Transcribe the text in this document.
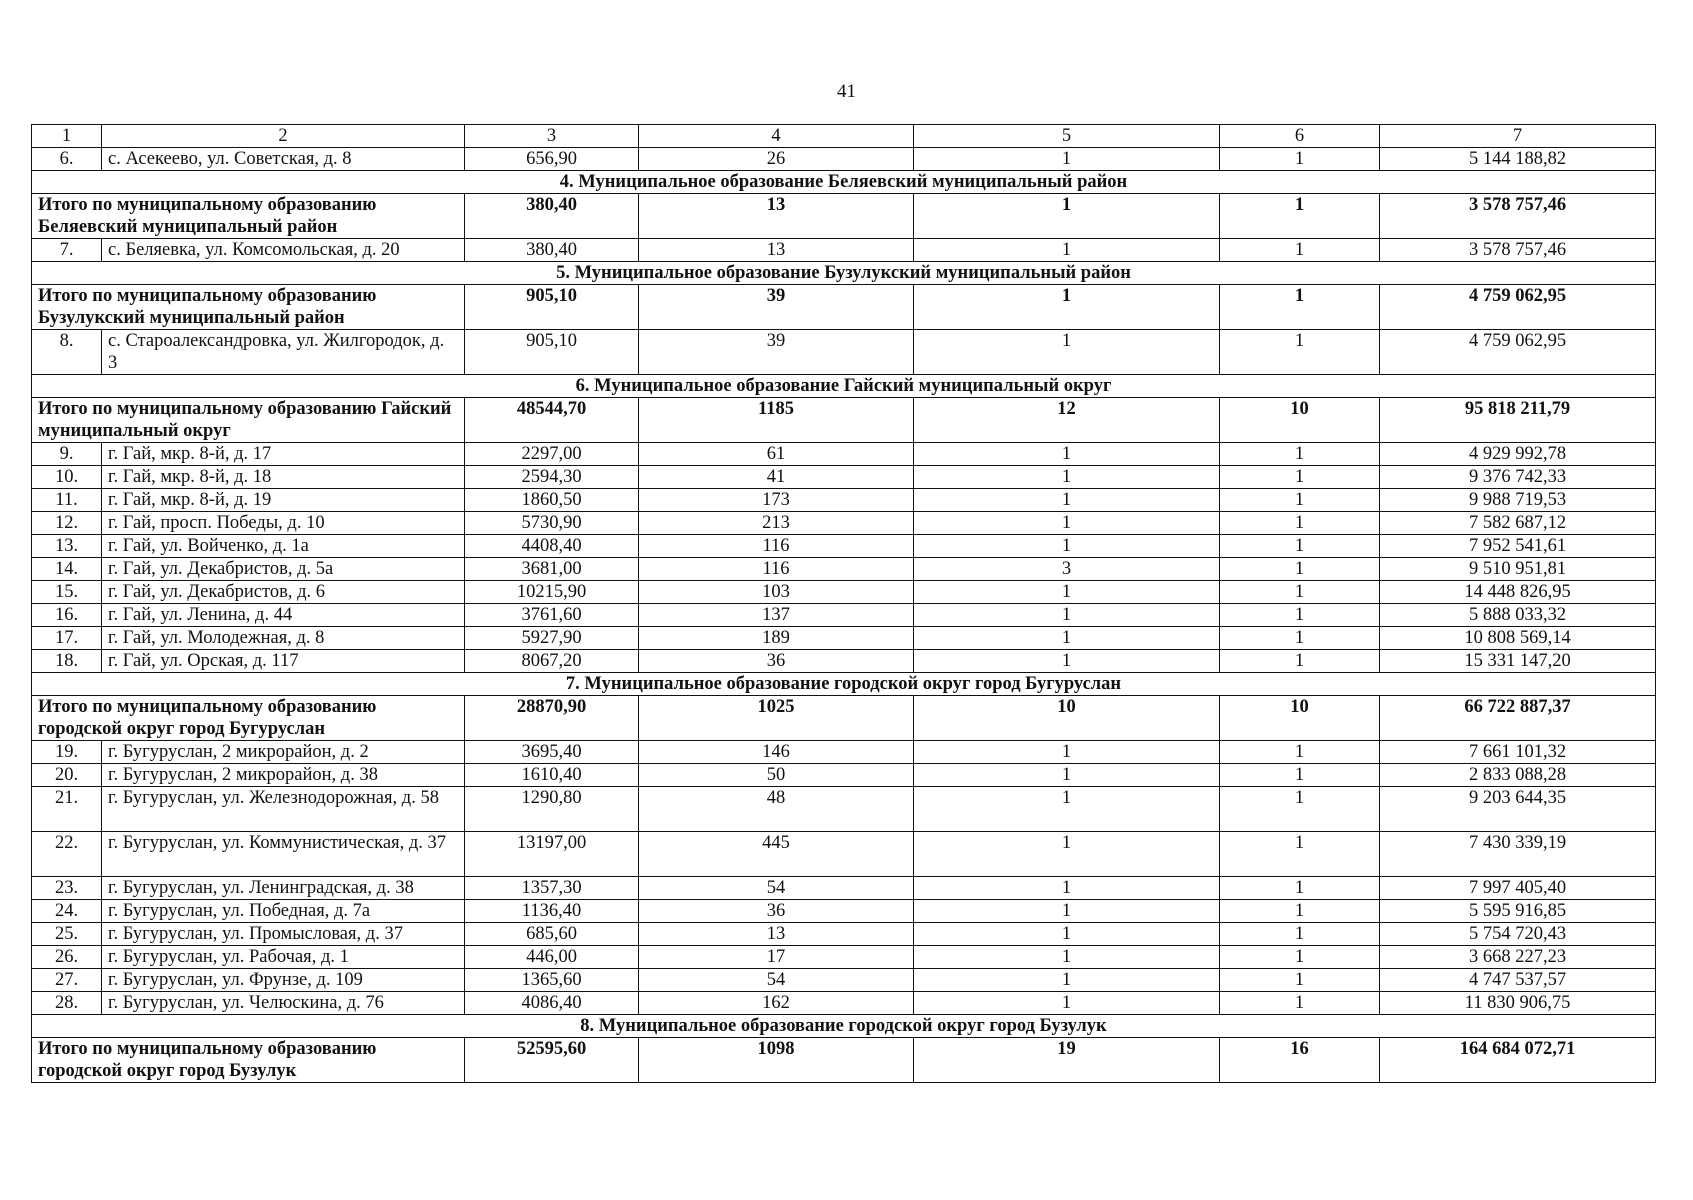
41
1	2	3	4	5	6	7
6.	с. Асекеево, ул. Советская, д. 8	656,90	26	1	1	5 144 188,82
4. Муниципальное образование Беляевский муниципальный район						
Итого по муниципальному образованию Беляевский муниципальный район		380,40	13	1	1	3 578 757,46
7.	с. Беляевка, ул. Комсомольская, д. 20	380,40	13	1	1	3 578 757,46
5. Муниципальное образование Бузулукский муниципальный район						
Итого по муниципальному образованию Бузулукский муниципальный район		905,10	39	1	1	4 759 062,95
8.	с. Староалександровка, ул. Жилгородок, д. 3	905,10	39	1	1	4 759 062,95
6. Муниципальное образование Гайский муниципальный округ						
Итого по муниципальному образованию Гайский муниципальный округ		48544,70	1185	12	10	95 818 211,79
9.	г. Гай, мкр. 8-й, д. 17	2297,00	61	1	1	4 929 992,78
10.	г. Гай, мкр. 8-й, д. 18	2594,30	41	1	1	9 376 742,33
11.	г. Гай, мкр. 8-й, д. 19	1860,50	173	1	1	9 988 719,53
12.	г. Гай, просп. Победы, д. 10	5730,90	213	1	1	7 582 687,12
13.	г. Гай, ул. Войченко, д. 1а	4408,40	116	1	1	7 952 541,61
14.	г. Гай, ул. Декабристов, д. 5а	3681,00	116	3	1	9 510 951,81
15.	г. Гай, ул. Декабристов, д. 6	10215,90	103	1	1	14 448 826,95
16.	г. Гай, ул. Ленина, д. 44	3761,60	137	1	1	5 888 033,32
17.	г. Гай, ул. Молодежная, д. 8	5927,90	189	1	1	10 808 569,14
18.	г. Гай, ул. Орская, д. 117	8067,20	36	1	1	15 331 147,20
7. Муниципальное образование городской округ город Бугуруслан						
Итого по муниципальному образованию городской округ город Бугуруслан		28870,90	1025	10	10	66 722 887,37
19.	г. Бугуруслан, 2 микрорайон, д. 2	3695,40	146	1	1	7 661 101,32
20.	г. Бугуруслан, 2 микрорайон, д. 38	1610,40	50	1	1	2 833 088,28
21.	г. Бугуруслан, ул. Железнодорожная, д. 58	1290,80	48	1	1	9 203 644,35
22.	г. Бугуруслан, ул. Коммунистическая, д. 37	13197,00	445	1	1	7 430 339,19
23.	г. Бугуруслан, ул. Ленинградская, д. 38	1357,30	54	1	1	7 997 405,40
24.	г. Бугуруслан, ул. Победная, д. 7а	1136,40	36	1	1	5 595 916,85
25.	г. Бугуруслан, ул. Промысловая, д. 37	685,60	13	1	1	5 754 720,43
26.	г. Бугуруслан, ул. Рабочая, д. 1	446,00	17	1	1	3 668 227,23
27.	г. Бугуруслан, ул. Фрунзе, д. 109	1365,60	54	1	1	4 747 537,57
28.	г. Бугуруслан, ул. Челюскина, д. 76	4086,40	162	1	1	11 830 906,75
8. Муниципальное образование городской округ город Бузулук						
Итого по муниципальному образованию городской округ город Бузулук		52595,60	1098	19	16	164 684 072,71
